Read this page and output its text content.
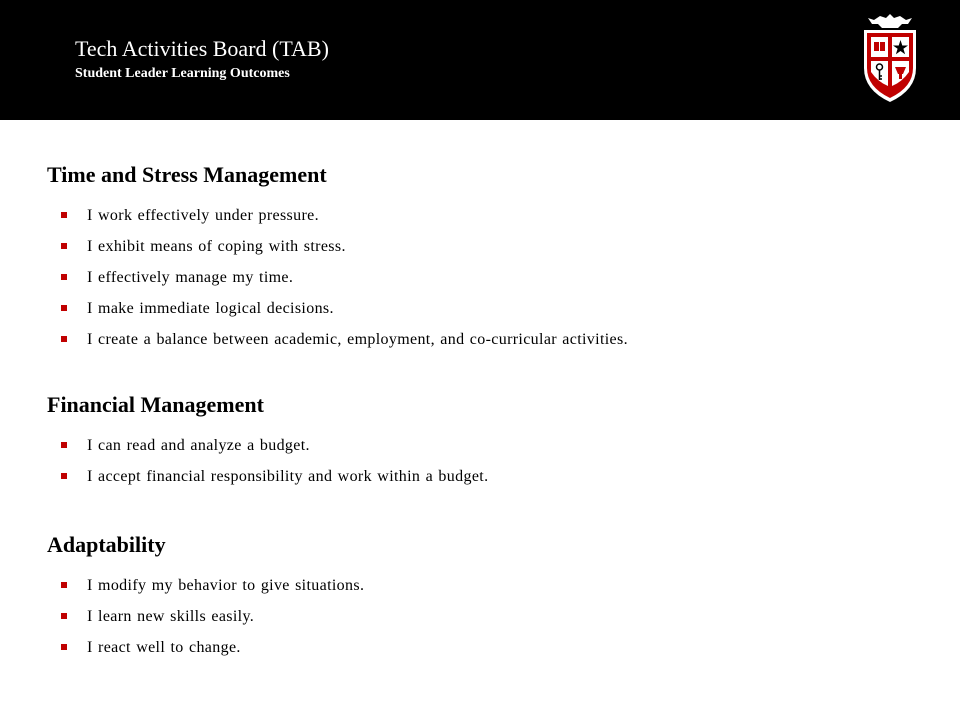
Tech Activities Board (TAB)
Student Leader Learning Outcomes
Time and Stress Management
I work effectively under pressure.
I exhibit means of coping with stress.
I effectively manage my time.
I make immediate logical decisions.
I create a balance between academic, employment, and co-curricular activities.
Financial Management
I can read and analyze a budget.
I accept financial responsibility and work within a budget.
Adaptability
I modify my behavior to give situations.
I learn new skills easily.
I react well to change.
